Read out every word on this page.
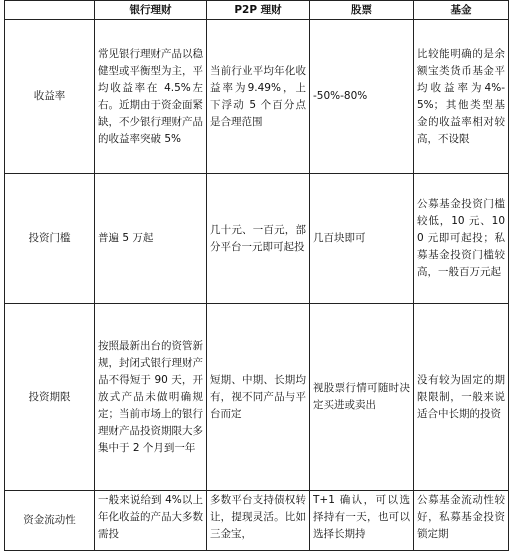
	银行理财	P2P 理财	股票	基金
收益率	常见银行理财产品以稳健型或平衡型为主，平均收益率在 4.5%左右。近期由于资金面紧缺，不少银行理财产品的收益率突破 5%	当前行业平均年化收益率为9.49%，上下浮动 5 个百分点是合理范围	-50%-80%	比较能明确的是余额宝类货币基金平均收益率为4%-5%；其他类型基金的收益率相对较高，不设限
投资门槛	普遍 5 万起	几十元、一百元，部分平台一元即可起投	几百块即可	公募基金投资门槛较低，10 元、100 元即可起投；私募基金投资门槛较高，一般百万元起
投资期限	按照最新出台的资管新规，封闭式银行理财产品不得短于 90 天，开放式产品未做明确规定；当前市场上的银行理财产品投资期限大多集中于 2 个月到一年	短期、中期、长期均有，视不同产品与平台而定	视股票行情可随时决定买进或卖出	没有较为固定的期限限制，一般来说适合中长期的投资
资金流动性	一般来说给到 4%以上年化收益的产品大多数需投	多数平台支持债权转让，提现灵活。比如三金宝，	T+1 确认，可以选择持有一天，也可以选择长期持	公募基金流动性较好，私募基金投资锁定期
